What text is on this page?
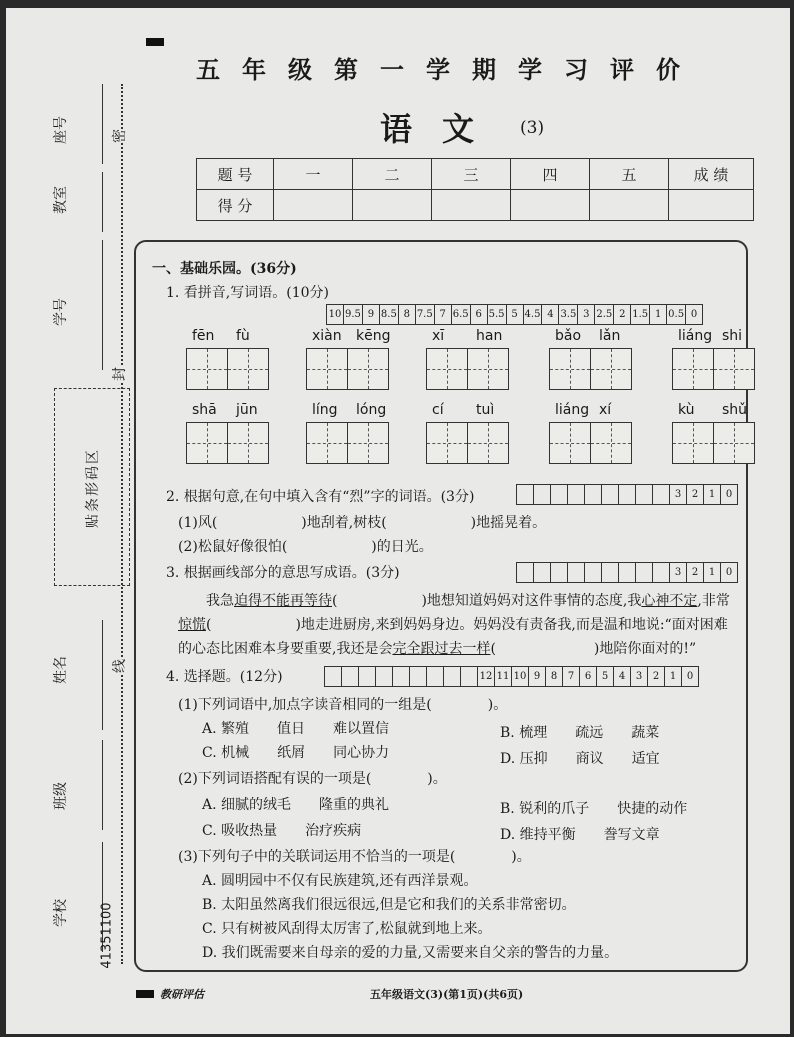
座号
教室
学号
姓名
班级
学校
密
封
线
贴条形码区
41351100
五年级第一学期学习评价
语文 (3)
题 号	一	二	三	四	五	成 绩
得 分						
一、基础乐园。(36分)
1. 看拼音,写词语。(10分)
10 9.5 9 8.5 8 7.5 7 6.5 6 5.5 5 4.5 4 3.5 3 2.5 2 1.5 1 0.5 0
fēn fù	xiàn kēng	xī han	bǎo lǎn	liáng shi
shā jūn	líng lóng	cí tuì	liáng xí	kù shǔ
2. 根据句意,在句中填入含有“烈”字的词语。(3分)	3	2	1	0
(1)风(　　　　　　)地刮着,树枝(　　　　　　)地摇晃着。
(2)松鼠好像很怕(　　　　　　)的日光。
3. 根据画线部分的意思写成语。(3分)	3	2	1	0
我急迫得不能再等待(　　　　　　)地想知道妈妈对这件事情的态度,我心神不定,非常
惊慌(　　　　　　)地走进厨房,来到妈妈身边。妈妈没有责备我,而是温和地说:“面对困难
的心态比困难本身要重要,我还是会完全跟过去一样(　　　　　　　)地陪你面对的!”
4. 选择题。(12分)	12 11 10 9	8	7	6	5	4	3	2	1	0
(1)下列词语中,加点字读音相同的一组是(　　　　)。
A. 繁殖　　值日　　难以置信	B. 梳理　　疏远　　蔬菜
C. 机械　　纸屑　　同心协力	D. 压抑　　商议　　适宜
(2)下列词语搭配有误的一项是(　　　　)。
A. 细腻的绒毛　　隆重的典礼	B. 锐利的爪子　　快捷的动作
C. 吸收热量　　治疗疾病	D. 维持平衡　　誊写文章
(3)下列句子中的关联词运用不恰当的一项是(　　　　)。
A. 圆明园中不仅有民族建筑,还有西洋景观。
B. 太阳虽然离我们很远很远,但是它和我们的关系非常密切。
C. 只有树被风刮得太厉害了,松鼠就到地上来。
D. 我们既需要来自母亲的爱的力量,又需要来自父亲的警告的力量。
教研评估	五年级语文(3)(第1页)(共6页)
